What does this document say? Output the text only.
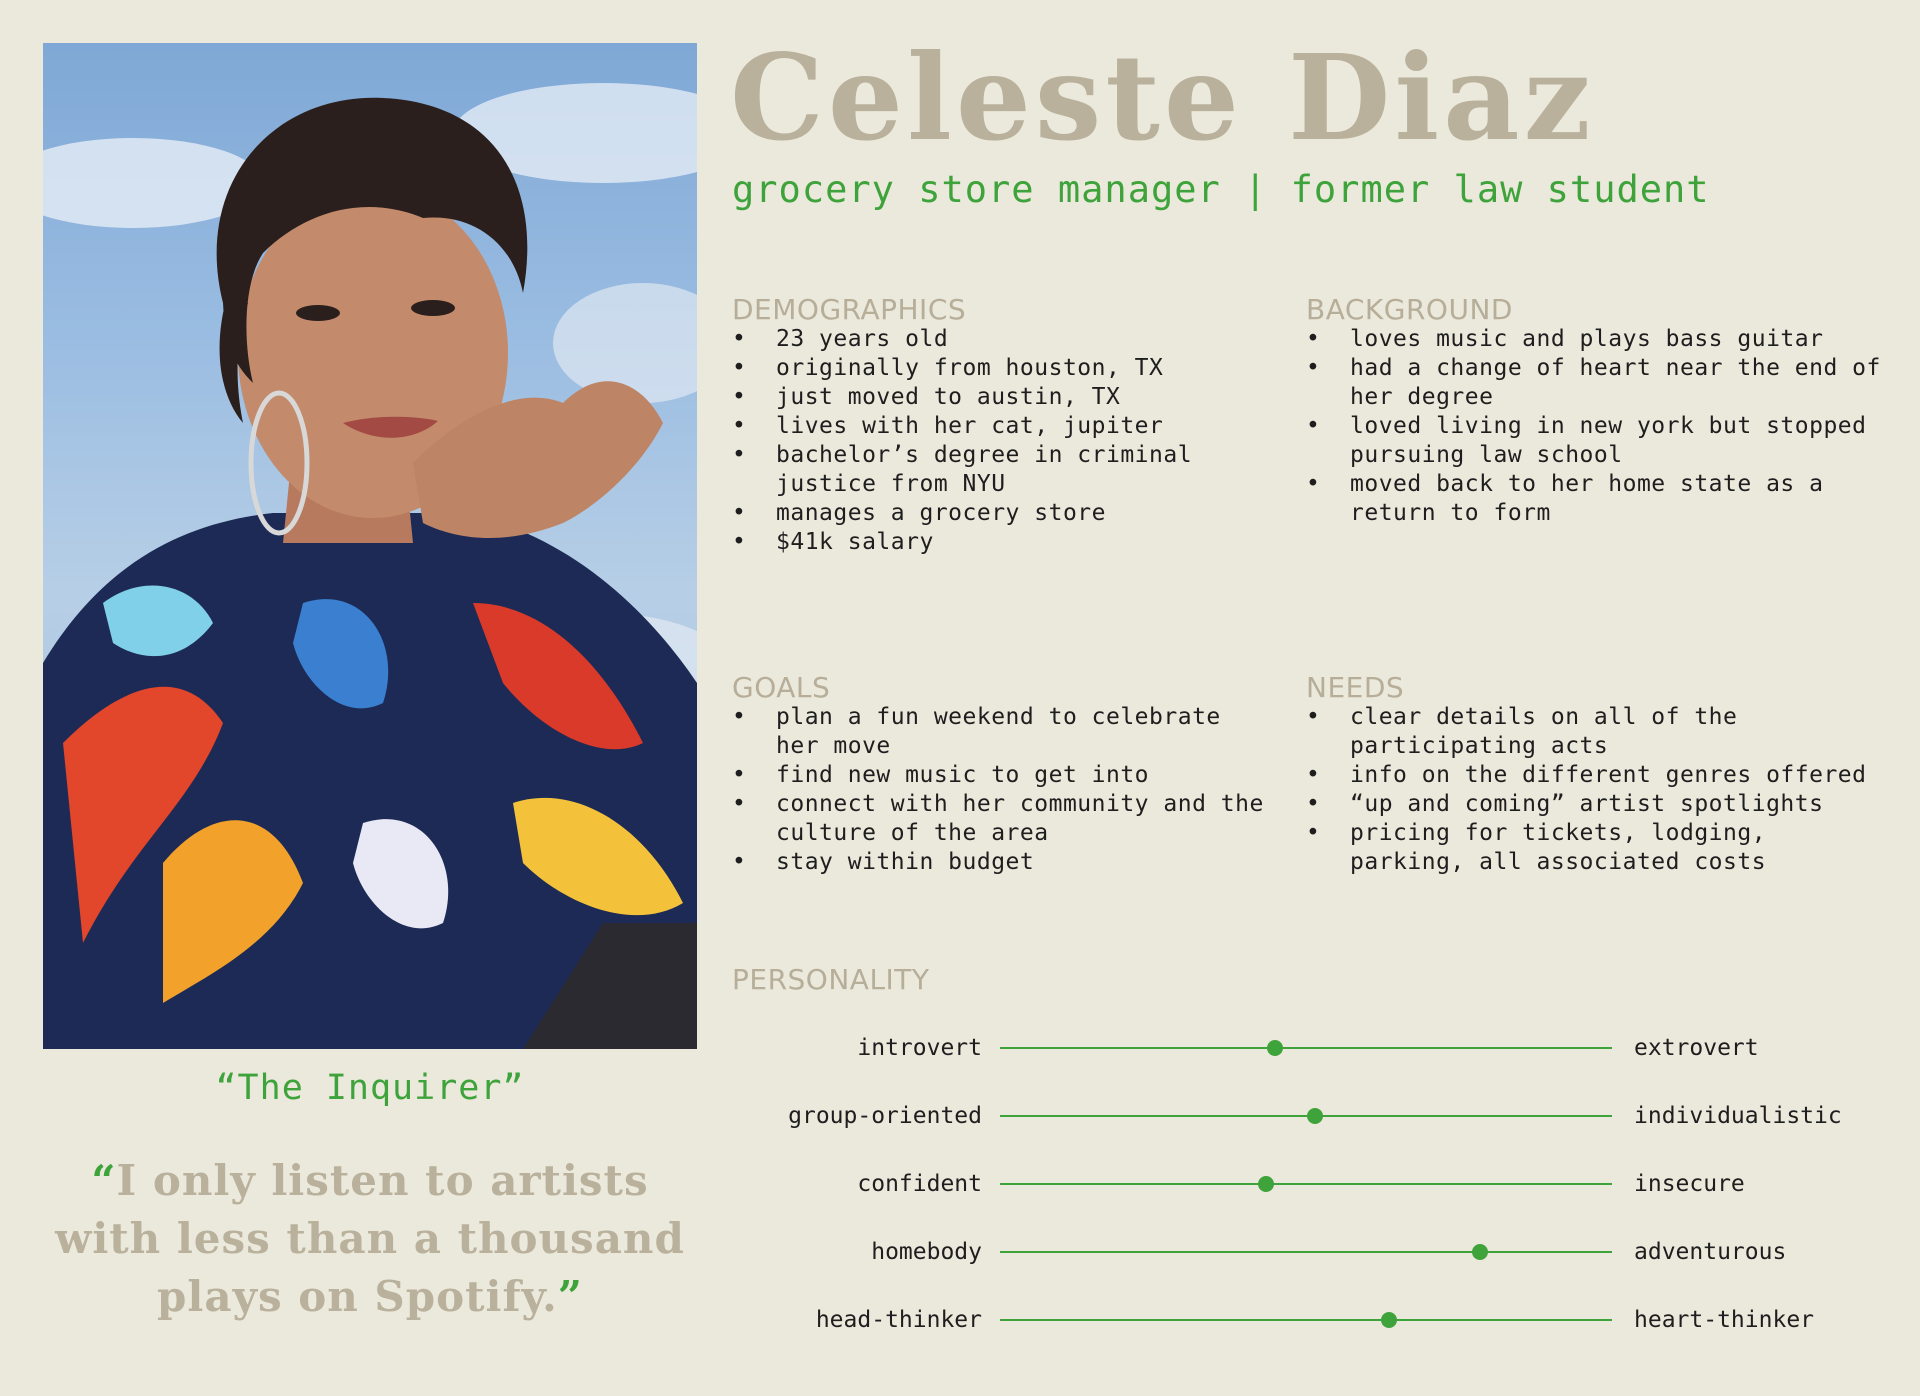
“The Inquirer”
“I only listen to artists with less than a thousand plays on Spotify.”
Celeste Diaz
grocery store manager | former law student
DEMOGRAPHICS
• 23 years old
• originally from houston, TX
• just moved to austin, TX
• lives with her cat, jupiter
• bachelor’s degree in criminal justice from NYU
• manages a grocery store
• $41k salary
BACKGROUND
• loves music and plays bass guitar
• had a change of heart near the end of her degree
• loved living in new york but stopped pursuing law school
• moved back to her home state as a return to form
GOALS
• plan a fun weekend to celebrate her move
• find new music to get into
• connect with her community and the culture of the area
• stay within budget
NEEDS
• clear details on all of the participating acts
• info on the different genres offered
• “up and coming” artist spotlights
• pricing for tickets, lodging, parking, all associated costs
PERSONALITY
introvert	extrovert
group-oriented	individualistic
confident	insecure
homebody	adventurous
head-thinker	heart-thinker
